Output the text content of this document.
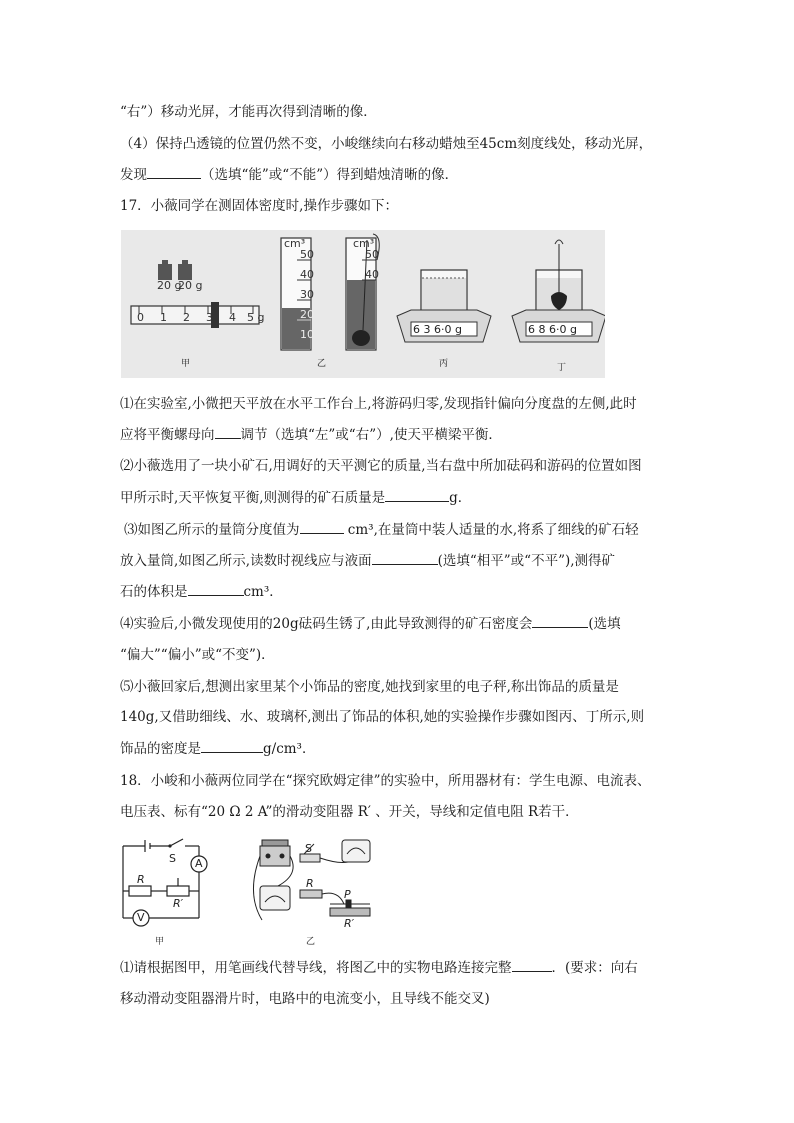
“右”）移动光屏，才能再次得到清晰的像．
（4）保持凸透镜的位置仍然不变，小峻继续向右移动蜡烛至45cm刻度线处，移动光屏，
发现	（选填“能”或“不能”）得到蜡烛清晰的像．
17．小薇同学在测固体密度时,操作步骤如下：
20 g
20 g
0 1 2 3 4 5 g
甲
cm³
50
40
30
20
10
cm³
50
40
乙
6 3 6·0 g
丙
6 8 6·0 g
丁
⑴在实验室,小微把天平放在水平工作台上,将游码归零,发现指针偏向分度盘的左侧,此时
应将平衡螺母向 调节（选填“左”或“右”）,使天平横梁平衡．
⑵小薇选用了一块小矿石,用调好的天平测它的质量,当右盘中所加砝码和游码的位置如图
甲所示时,天平恢复平衡,则测得的矿石质量是	g．
⑶如图乙所示的量筒分度值为	cm³,在量筒中装人适量的水,将系了细线的矿石轻
放入量筒,如图乙所示,读数时视线应与液面	(选填“相平”或“不平”),测得矿
石的体积是	cm³．
⑷实验后,小微发现使用的20g砝码生锈了,由此导致测得的矿石密度会	(选填
“偏大”“偏小”或“不变”)．
⑸小薇回家后,想测出家里某个小饰品的密度,她找到家里的电子秤,称出饰品的质量是
140g,又借助细线、水、玻璃杯,测出了饰品的体积,她的实验操作步骤如图丙、丁所示,则
饰品的密度是	g/cm³．
18．小峻和小薇两位同学在“探究欧姆定律”的实验中，所用器材有：学生电源、电流表、
电压表、标有“20 Ω 2 A”的滑动变阻器 R′ 、开关，导线和定值电阻 R若干．
S A
V
R
R′
甲
S
R
P
R′
乙
⑴请根据图甲，用笔画线代替导线，将图乙中的实物电路连接完整	．(要求：向右
移动滑动变阻器滑片时，电路中的电流变小，且导线不能交叉)
